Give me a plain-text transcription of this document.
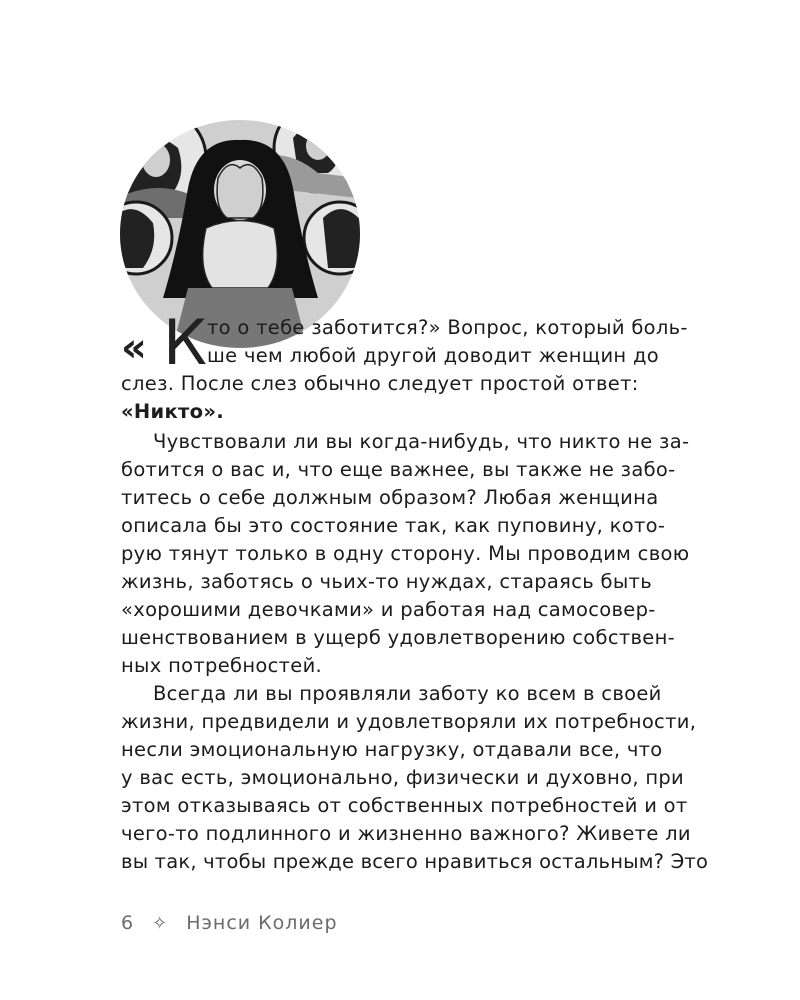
« К то о тебе заботится?» Вопрос, который боль-
ше чем любой другой доводит женщин до
слез. После слез обычно следует простой ответ:
«Никто».
Чувствовали ли вы когда-нибудь, что никто не за-
ботится о вас и, что еще важнее, вы также не забо-
титесь о себе должным образом? Любая женщина
описала бы это состояние так, как пуповину, кото-
рую тянут только в одну сторону. Мы проводим свою
жизнь, заботясь о чьих-то нуждах, стараясь быть
«хорошими девочками» и работая над самосовер-
шенствованием в ущерб удовлетворению собствен-
ных потребностей.
Всегда ли вы проявляли заботу ко всем в своей
жизни, предвидели и удовлетворяли их потребности,
несли эмоциональную нагрузку, отдавали все, что
у вас есть, эмоционально, физически и духовно, при
этом отказываясь от собственных потребностей и от
чего-то подлинного и жизненно важного? Живете ли
вы так, чтобы прежде всего нравиться остальным? Это
6 ✧ Нэнси Колиер
